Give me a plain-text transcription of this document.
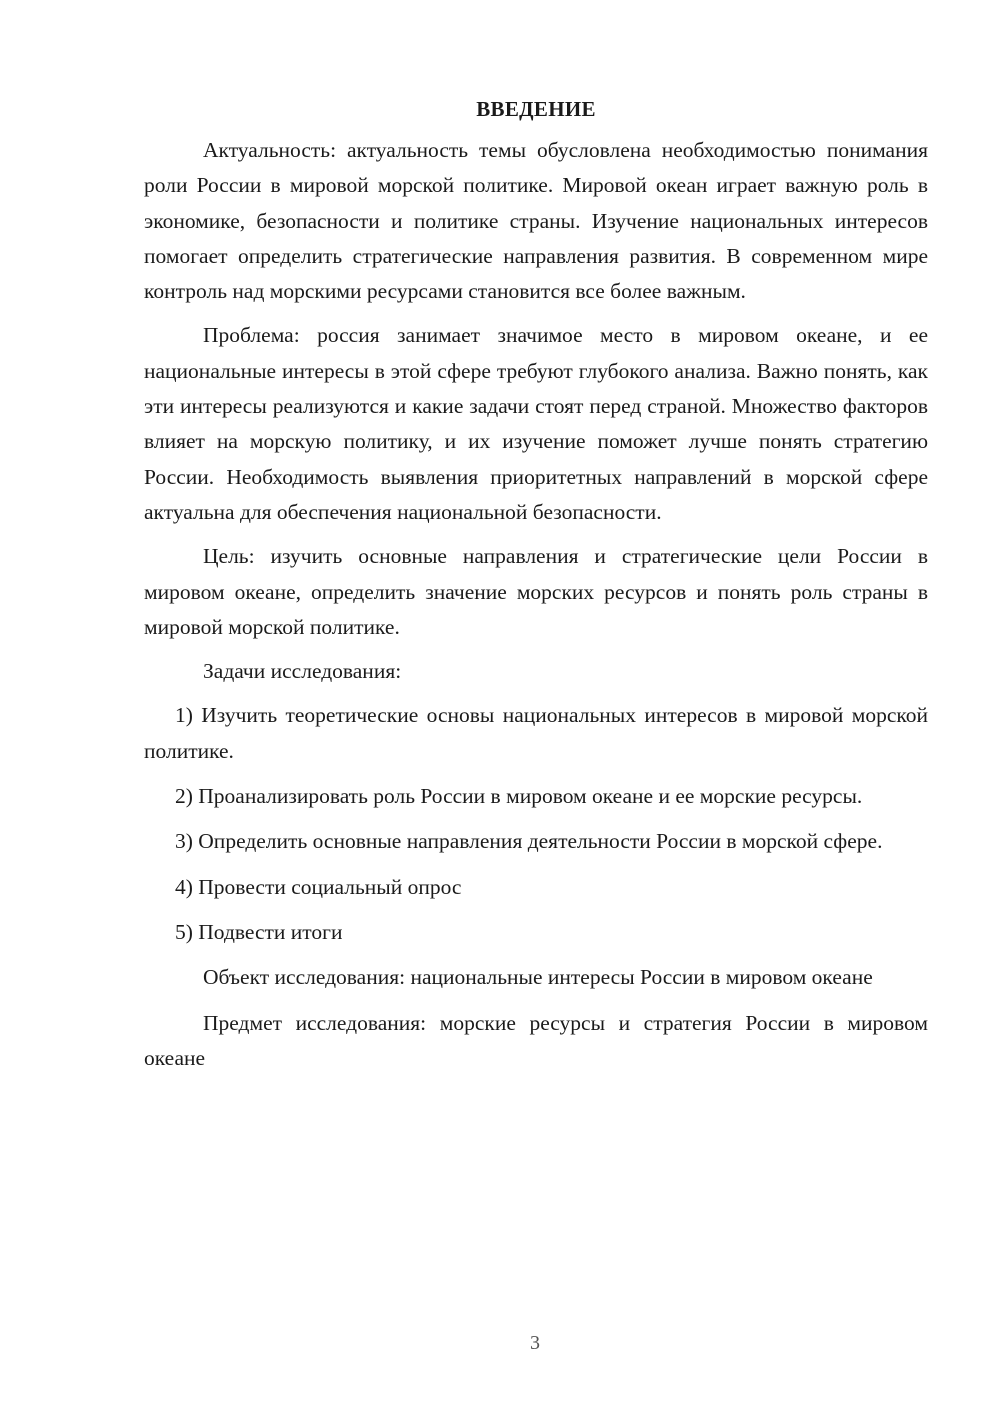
ВВЕДЕНИЕ

Актуальность: актуальность темы обусловлена необходимостью понимания роли России в мировой морской политике. Мировой океан играет важную роль в экономике, безопасности и политике страны. Изучение национальных интересов помогает определить стратегические направления развития. В современном мире контроль над морскими ресурсами становится все более важным.

Проблема: россия занимает значимое место в мировом океане, и ее национальные интересы в этой сфере требуют глубокого анализа. Важно понять, как эти интересы реализуются и какие задачи стоят перед страной. Множество факторов влияет на морскую политику, и их изучение поможет лучше понять стратегию России. Необходимость выявления приоритетных направлений в морской сфере актуальна для обеспечения национальной безопасности.

Цель: изучить основные направления и стратегические цели России в мировом океане, определить значение морских ресурсов и понять роль страны в мировой морской политике.

Задачи исследования:

1) Изучить теоретические основы национальных интересов в мировой морской политике.

2) Проанализировать роль России в мировом океане и ее морские ресурсы.

3) Определить основные направления деятельности России в морской сфере.

4) Провести социальный опрос

5) Подвести итоги

Объект исследования: национальные интересы России в мировом океане

Предмет исследования: морские ресурсы и стратегия России в мировом океане

3
